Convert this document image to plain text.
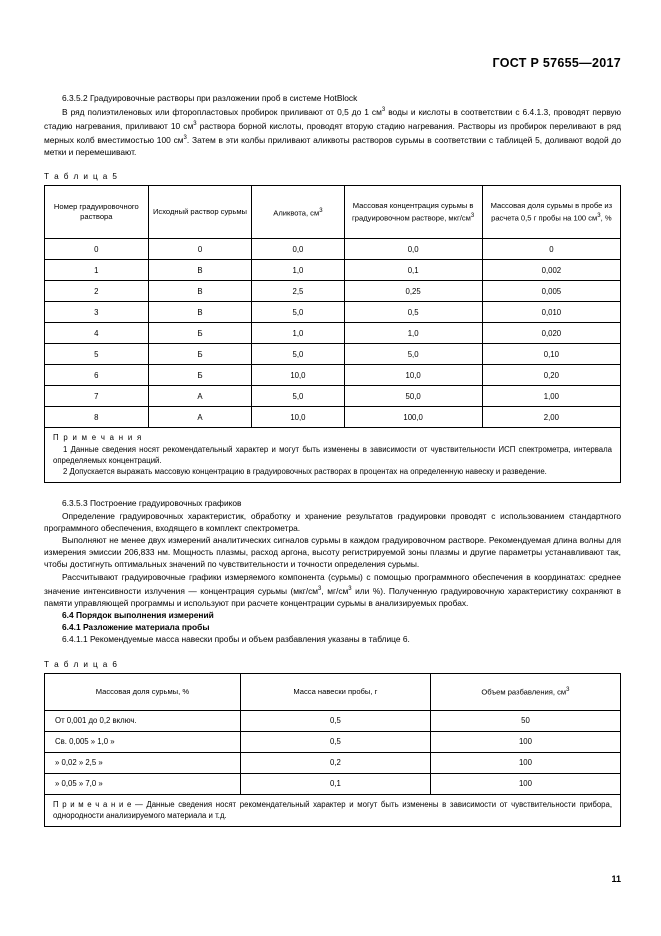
ГОСТ Р 57655—2017

6.3.5.2 Градуировочные растворы при разложении проб в системе HotBlock

В ряд полиэтиленовых или фторопластовых пробирок приливают от 0,5 до 1 $см^3$ воды и кислоты в соответствии с 6.4.1.3, проводят первую стадию нагревания, приливают 10 $см^3$ раствора борной кислоты, проводят вторую стадию нагревания. Растворы из пробирок переливают в ряд мерных колб вместимостью 100 $см^3$. Затем в эти колбы приливают аликвоты растворов сурьмы в соответствии с таблицей 5, доливают водой до метки и перемешивают.

Т а б л и ц а 5
Номер градуировочного раствора	Исходный раствор сурьмы	Аликвота, $см^3$	Массовая концентрация сурьмы в градуировочном растворе, мкг/$см^3$	Массовая доля сурьмы в пробе из расчета 0,5 г пробы на 100 $см^3$, %
0	0	0,0	0,0	0
1	В	1,0	0,1	0,002
2	В	2,5	0,25	0,005
3	В	5,0	0,5	0,010
4	Б	1,0	1,0	0,020
5	Б	5,0	5,0	0,10
6	Б	10,0	10,0	0,20
7	А	5,0	50,0	1,00
8	А	10,0	100,0	2,00

П р и м е ч а н и я
1 Данные сведения носят рекомендательный характер и могут быть изменены в зависимости от чувствительности ИСП спектрометра, интервала определяемых концентраций.
2 Допускается выражать массовую концентрацию в градуировочных растворах в процентах на определенную навеску и разведение.				

6.3.5.3 Построение градуировочных графиков

Определение градуировочных характеристик, обработку и хранение результатов градуировки проводят с использованием стандартного программного обеспечения, входящего в комплект спектрометра.

Выполняют не менее двух измерений аналитических сигналов сурьмы в каждом градуировочном растворе. Рекомендуемая длина волны для измерения эмиссии 206,833 нм. Мощность плазмы, расход аргона, высоту регистрируемой зоны плазмы и другие параметры устанавливают так, чтобы достигнуть оптимальных значений по чувствительности и точности определения сурьмы.

Рассчитывают градуировочные графики измеряемого компонента (сурьмы) с помощью программного обеспечения в координатах: среднее значение интенсивности излучения — концентрация сурьмы ($мкг/см^3$, $мг/см^3$ или %). Полученную градуировочную характеристику сохраняют в памяти управляющей программы и используют при расчете концентрации сурьмы в анализируемых пробах.

6.4 Порядок выполнения измерений

6.4.1 Разложение материала пробы

6.4.1.1 Рекомендуемые масса навески пробы и объем разбавления указаны в таблице 6.

Т а б л и ц а 6
Массовая доля сурьмы, %	Масса навески пробы, г	Объем разбавления, $см^3$
От 0,001 до 0,2 включ.	0,5	50
Св. 0,005 » 1,0 »	0,5	100
» 0,02 » 2,5 »	0,2	100
» 0,05 » 7,0 »	0,1	100
П р и м е ч а н и е — Данные сведения носят рекомендательный характер и могут быть изменены в зависимости от чувствительности прибора, однородности анализируемого материала и т.д.		
11
